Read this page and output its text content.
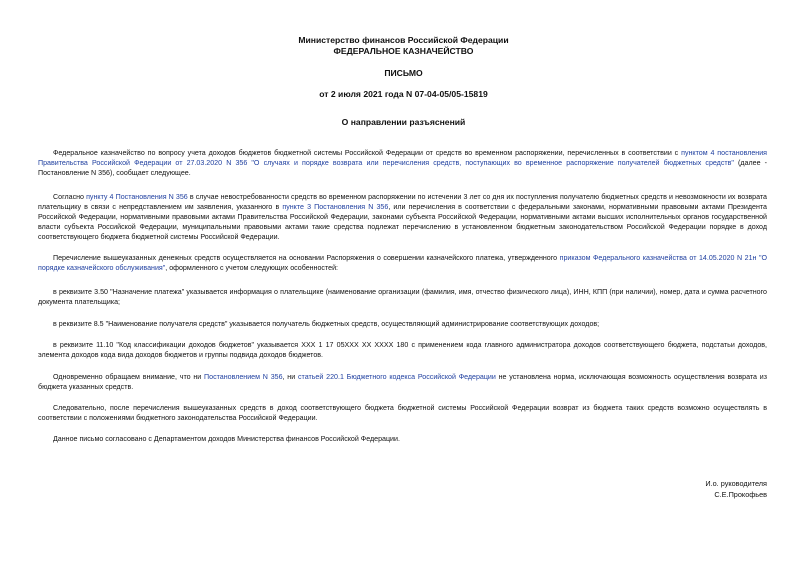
Министерство финансов Российской Федерации
ФЕДЕРАЛЬНОЕ КАЗНАЧЕЙСТВО
ПИСЬМО
от 2 июля 2021 года N 07-04-05/05-15819
О направлении разъяснений

Федеральное казначейство по вопросу учета доходов бюджетов бюджетной системы Российской Федерации от средств во временном распоряжении, перечисленных в соответствии с пунктом 4 постановления Правительства Российской Федерации от 27.03.2020 N 356 "О случаях и порядке возврата или перечисления средств, поступающих во временное распоряжение получателей бюджетных средств" (далее - Постановление N 356), сообщает следующее.

Согласно пункту 4 Постановления N 356 в случае невостребованности средств во временном распоряжении по истечении 3 лет со дня их поступления получателю бюджетных средств и невозможности их возврата плательщику в связи с непредставлением им заявления, указанного в пункте 3 Постановления N 356, или перечисления в соответствии с федеральными законами, нормативными правовыми актами Президента Российской Федерации, нормативными правовыми актами Правительства Российской Федерации, законами субъекта Российской Федерации, нормативными актами высших исполнительных органов государственной власти субъекта Российской Федерации, муниципальными правовыми актами такие средства подлежат перечислению в установленном бюджетным законодательством Российской Федерации порядке в доход соответствующего бюджета бюджетной системы Российской Федерации.

Перечисление вышеуказанных денежных средств осуществляется на основании Распоряжения о совершении казначейского платежа, утвержденного приказом Федерального казначейства от 14.05.2020 N 21н "О порядке казначейского обслуживания", оформленного с учетом следующих особенностей:

в реквизите 3.50 "Назначение платежа" указывается информация о плательщике (наименование организации (фамилия, имя, отчество физического лица), ИНН, КПП (при наличии), номер, дата и сумма расчетного документа плательщика;

в реквизите 8.5 "Наименование получателя средств" указывается получатель бюджетных средств, осуществляющий администрирование соответствующих доходов;

в реквизите 11.10 "Код классификации доходов бюджетов" указывается XXX 1 17 05XXX XX XXXX 180 с применением кода главного администратора доходов соответствующего бюджета, подстатьи доходов, элемента доходов кода вида доходов бюджетов и группы подвида доходов бюджетов.

Одновременно обращаем внимание, что ни Постановлением N 356, ни статьей 220.1 Бюджетного кодекса Российской Федерации не установлена норма, исключающая возможность осуществления возврата из бюджета указанных средств.

Следовательно, после перечисления вышеуказанных средств в доход соответствующего бюджета бюджетной системы Российской Федерации возврат из бюджета таких средств возможно осуществлять в соответствии с положениями бюджетного законодательства Российской Федерации.

Данное письмо согласовано с Департаментом доходов Министерства финансов Российской Федерации.

И.о. руководителя
С.Е.Прокофьев
